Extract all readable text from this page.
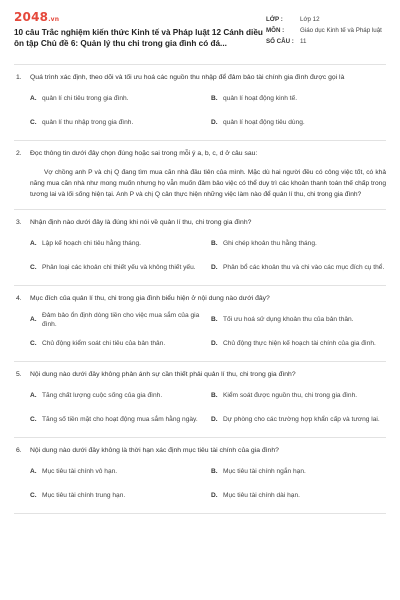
2048.vn
10 câu Trắc nghiệm kiến thức Kinh tế và Pháp luật 12 Cánh diều ôn tập Chủ đề 6: Quản lý thu chi trong gia đình có đá...
LỚP :	Lớp 12
MÔN :	Giáo dục Kinh tế và Pháp luật
SỐ CÂU : 11
1.	Quá trình xác định, theo dõi và tối ưu hoá các nguồn thu nhập để đảm bảo tài chính gia đình được gọi là
A. quản lí chi tiêu trong gia đình.	B. quản lí hoạt động kinh tế.
C. quản lí thu nhập trong gia đình.	D. quản lí hoạt động tiêu dùng.
2.	Đọc thông tin dưới đây chọn đúng hoặc sai trong mỗi ý a, b, c, d ở câu sau:

Vợ chồng anh P và chị Q đang tìm mua căn nhà đầu tiên của mình. Mặc dù hai người đều có công việc tốt, có khả năng mua căn nhà như mong muốn nhưng họ vẫn muốn đảm bảo việc có thể duy trì các khoản thanh toán thế chấp trong tương lai và lối sống hiện tại. Anh P và chị Q cân thực hiện những việc làm nào để quản lí thu, chi trong gia đình?

3.	Nhận định nào dưới đây là đúng khi nói về quản lí thu, chi trong gia đình?
A. Lập kế hoạch chi tiêu hằng tháng.	B. Ghi chép khoản thu hằng tháng.
C. Phân loại các khoản chi thiết yếu và không thiết yếu.	D. Phân bổ các khoản thu và chi vào các mục đích cụ thể.
4.	Mục đích của quản lí thu, chi trong gia đình biểu hiện ở nội dung nào dưới đây?
A.
Đảm bảo ổn định dòng tiền cho việc mua sắm của gia đình.
B. Tối ưu hoá sử dụng khoản thu của bản thân.
C. Chủ động kiểm soát chi tiêu của bản thân.	D. Chủ động thực hiện kế hoạch tài chính của gia đình.
5.	Nội dung nào dưới đây không phản ánh sự cần thiết phải quản lí thu, chi trong gia đình?
A. Tăng chất lượng cuộc sống của gia đình.	B. Kiểm soát được nguồn thu, chi trong gia đình.
C. Tăng số tiền mặt cho hoạt động mua sắm hằng ngày.	D. Dự phòng cho các trường hợp khẩn cấp và tương lai.
6.	Nội dung nào dưới đây không là thời hạn xác định mục tiêu tài chính của gia đình?
A. Mục tiêu tài chính vô hạn.	B. Mục tiêu tài chính ngắn hạn.
C. Mục tiêu tài chính trung hạn.	D. Mục tiêu tài chính dài hạn.
